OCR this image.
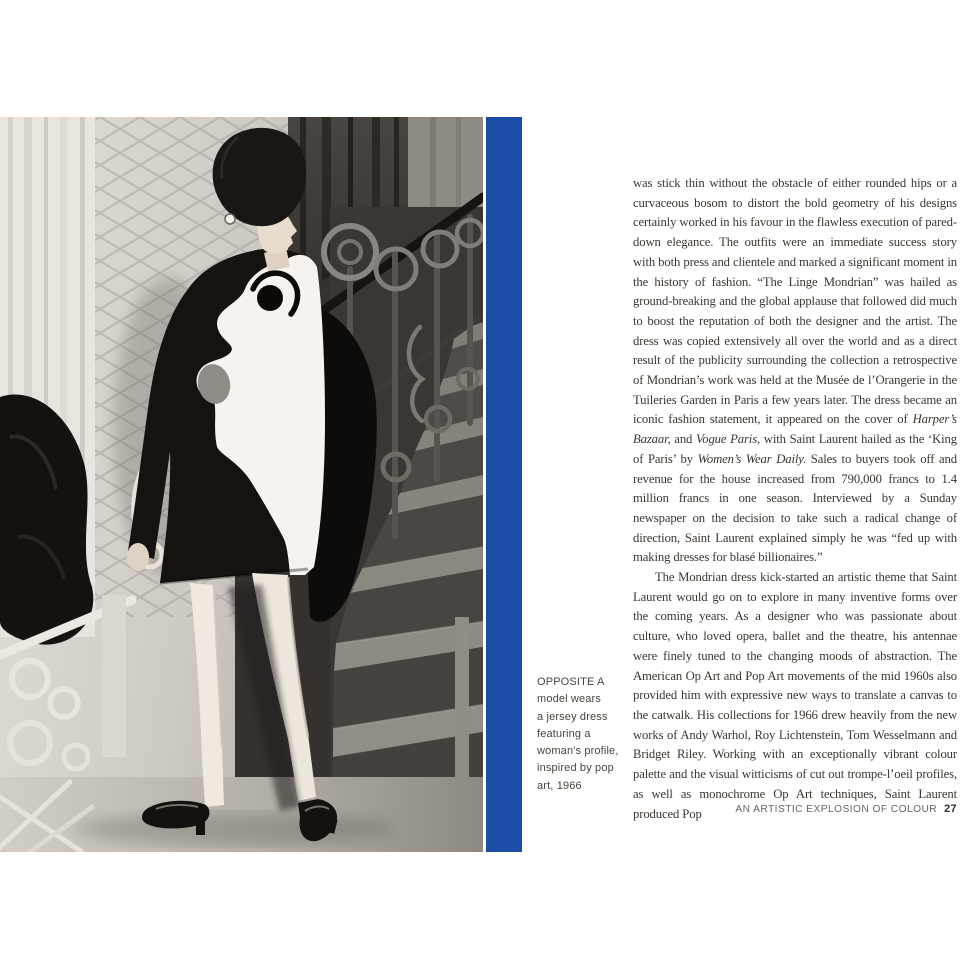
OPPOSITE A
model wears
a jersey dress
featuring a
woman's profile,
inspired by pop
art, 1966

was stick thin without the obstacle of either rounded hips or a curvaceous bosom to distort the bold geometry of his designs certainly worked in his favour in the flawless execution of pared-down elegance. The outfits were an immediate success story with both press and clientele and marked a significant moment in the history of fashion. “The Linge Mondrian” was hailed as ground-breaking and the global applause that followed did much to boost the reputation of both the designer and the artist. The dress was copied extensively all over the world and as a direct result of the publicity surrounding the collection a retrospective of Mondrian’s work was held at the Musée de l’Orangerie in the Tuileries Garden in Paris a few years later. The dress became an iconic fashion statement, it appeared on the cover of Harper’s Bazaar, and Vogue Paris, with Saint Laurent hailed as the ‘King of Paris’ by Women’s Wear Daily. Sales to buyers took off and revenue for the house increased from 790,000 francs to 1.4 million francs in one season. Interviewed by a Sunday newspaper on the decision to take such a radical change of direction, Saint Laurent explained simply he was “fed up with making dresses for blasé billionaires.”

The Mondrian dress kick-started an artistic theme that Saint Laurent would go on to explore in many inventive forms over the coming years. As a designer who was passionate about culture, who loved opera, ballet and the theatre, his antennae were finely tuned to the changing moods of abstraction. The American Op Art and Pop Art movements of the mid 1960s also provided him with expressive new ways to translate a canvas to the catwalk. His collections for 1966 drew heavily from the new works of Andy Warhol, Roy Lichtenstein, Tom Wesselmann and Bridget Riley. Working with an exceptionally vibrant colour palette and the visual witticisms of cut out trompe-l’oeil profiles, as well as monochrome Op Art techniques, Saint Laurent produced Pop	AN ARTISTIC EXPLOSION OF COLOUR 27
